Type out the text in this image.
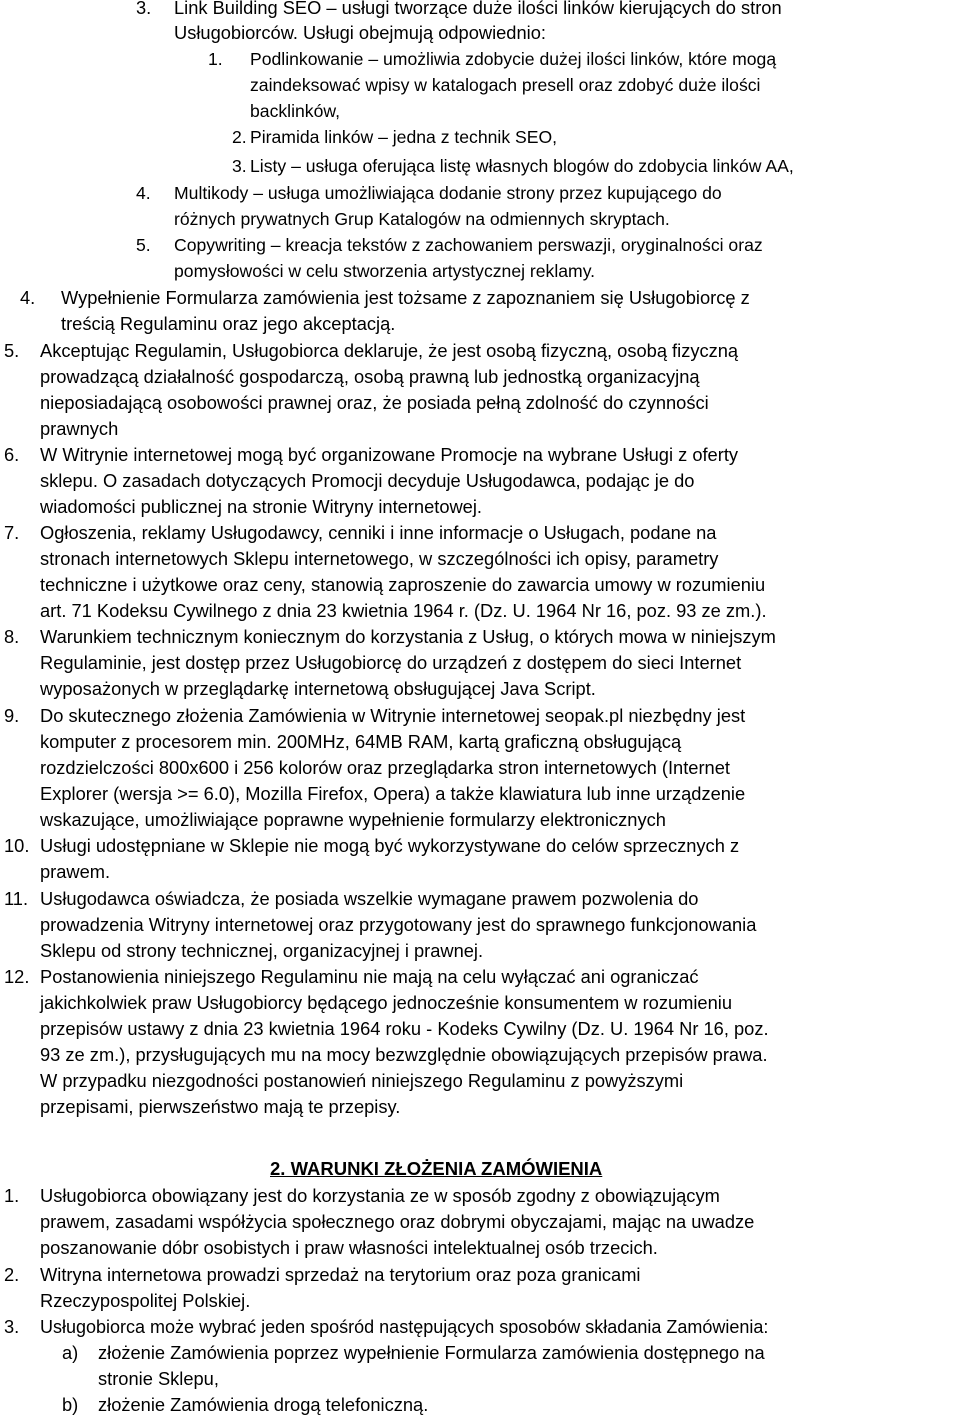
3. Link Building SEO – usługi tworzące duże ilości linków kierujących do stron
Usługobiorców. Usługi obejmują odpowiednio:
1. Podlinkowanie – umożliwia zdobycie dużej ilości linków, które mogą
zaindeksować wpisy w katalogach presell oraz zdobyć duże ilości
backlinków,
2. Piramida linków – jedna z technik SEO,
3. Listy – usługa oferująca listę własnych blogów do zdobycia linków AA,
4. Multikody – usługa umożliwiająca dodanie strony przez kupującego do
różnych prywatnych Grup Katalogów na odmiennych skryptach.
5. Copywriting – kreacja tekstów z zachowaniem perswazji, oryginalności oraz
pomysłowości w celu stworzenia artystycznej reklamy.
4. Wypełnienie Formularza zamówienia jest tożsame z zapoznaniem się Usługobiorcę z
treścią Regulaminu oraz jego akceptacją.
5. Akceptując Regulamin, Usługobiorca deklaruje, że jest osobą fizyczną, osobą fizyczną
prowadzącą działalność gospodarczą, osobą prawną lub jednostką organizacyjną
nieposiadającą osobowości prawnej oraz, że posiada pełną zdolność do czynności
prawnych
6. W Witrynie internetowej mogą być organizowane Promocje na wybrane Usługi z oferty
sklepu. O zasadach dotyczących Promocji decyduje Usługodawca, podając je do
wiadomości publicznej na stronie Witryny internetowej.
7. Ogłoszenia, reklamy Usługodawcy, cenniki i inne informacje o Usługach, podane na
stronach internetowych Sklepu internetowego, w szczególności ich opisy, parametry
techniczne i użytkowe oraz ceny, stanowią zaproszenie do zawarcia umowy w rozumieniu
art. 71 Kodeksu Cywilnego z dnia 23 kwietnia 1964 r. (Dz. U. 1964 Nr 16, poz. 93 ze zm.).
8. Warunkiem technicznym koniecznym do korzystania z Usług, o których mowa w niniejszym
Regulaminie, jest dostęp przez Usługobiorcę do urządzeń z dostępem do sieci Internet
wyposażonych w przeglądarkę internetową obsługującej Java Script.
9. Do skutecznego złożenia Zamówienia w Witrynie internetowej seopak.pl niezbędny jest
komputer z procesorem min. 200MHz, 64MB RAM, kartą graficzną obsługującą
rozdzielczości 800x600 i 256 kolorów oraz przeglądarka stron internetowych (Internet
Explorer (wersja >= 6.0), Mozilla Firefox, Opera) a także klawiatura lub inne urządzenie
wskazujące, umożliwiające poprawne wypełnienie formularzy elektronicznych
10. Usługi udostępniane w Sklepie nie mogą być wykorzystywane do celów sprzecznych z
prawem.
11. Usługodawca oświadcza, że posiada wszelkie wymagane prawem pozwolenia do
prowadzenia Witryny internetowej oraz przygotowany jest do sprawnego funkcjonowania
Sklepu od strony technicznej, organizacyjnej i prawnej.
12. Postanowienia niniejszego Regulaminu nie mają na celu wyłączać ani ograniczać
jakichkolwiek praw Usługobiorcy będącego jednocześnie konsumentem w rozumieniu
przepisów ustawy z dnia 23 kwietnia 1964 roku - Kodeks Cywilny (Dz. U. 1964 Nr 16, poz.
93 ze zm.), przysługujących mu na mocy bezwzględnie obowiązujących przepisów prawa.
W przypadku niezgodności postanowień niniejszego Regulaminu z powyższymi
przepisami, pierwszeństwo mają te przepisy.
2. WARUNKI ZŁOŻENIA ZAMÓWIENIA
1. Usługobiorca obowiązany jest do korzystania ze w sposób zgodny z obowiązującym
prawem, zasadami współżycia społecznego oraz dobrymi obyczajami, mając na uwadze
poszanowanie dóbr osobistych i praw własności intelektualnej osób trzecich.
2. Witryna internetowa prowadzi sprzedaż na terytorium oraz poza granicami
Rzeczypospolitej Polskiej.
3. Usługobiorca może wybrać jeden spośród następujących sposobów składania Zamówienia:
a) złożenie Zamówienia poprzez wypełnienie Formularza zamówienia dostępnego na
stronie Sklepu,
b) złożenie Zamówienia drogą telefoniczną.
